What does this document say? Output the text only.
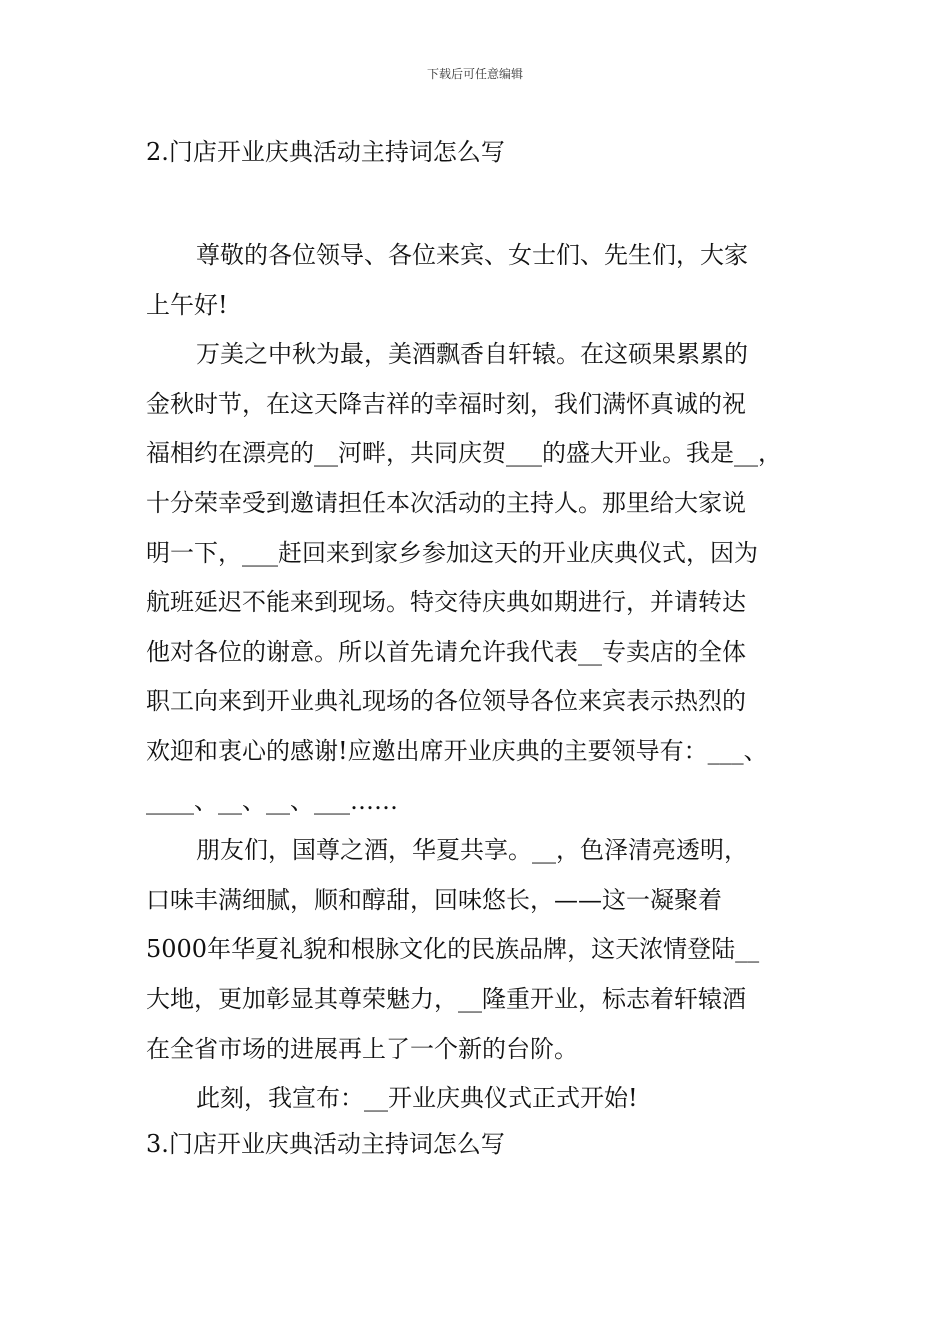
下载后可任意编辑
2.门店开业庆典活动主持词怎么写
尊敬的各位领导、各位来宾、女士们、先生们，大家
上午好!
万美之中秋为最，美酒飘香自轩辕。在这硕果累累的
金秋时节，在这天降吉祥的幸福时刻，我们满怀真诚的祝
福相约在漂亮的__河畔，共同庆贺___的盛大开业。我是__，
十分荣幸受到邀请担任本次活动的主持人。那里给大家说
明一下，___赶回来到家乡参加这天的开业庆典仪式，因为
航班延迟不能来到现场。特交待庆典如期进行，并请转达
他对各位的谢意。所以首先请允许我代表__专卖店的全体
职工向来到开业典礼现场的各位领导各位来宾表示热烈的
欢迎和衷心的感谢!应邀出席开业庆典的主要领导有：___、
____、__、__、___……
朋友们，国尊之酒，华夏共享。__，色泽清亮透明，
口味丰满细腻，顺和醇甜，回味悠长，——这一凝聚着
5000年华夏礼貌和根脉文化的民族品牌，这天浓情登陆__
大地，更加彰显其尊荣魅力，__隆重开业，标志着轩辕酒
在全省市场的进展再上了一个新的台阶。
此刻，我宣布：__开业庆典仪式正式开始!
3.门店开业庆典活动主持词怎么写
